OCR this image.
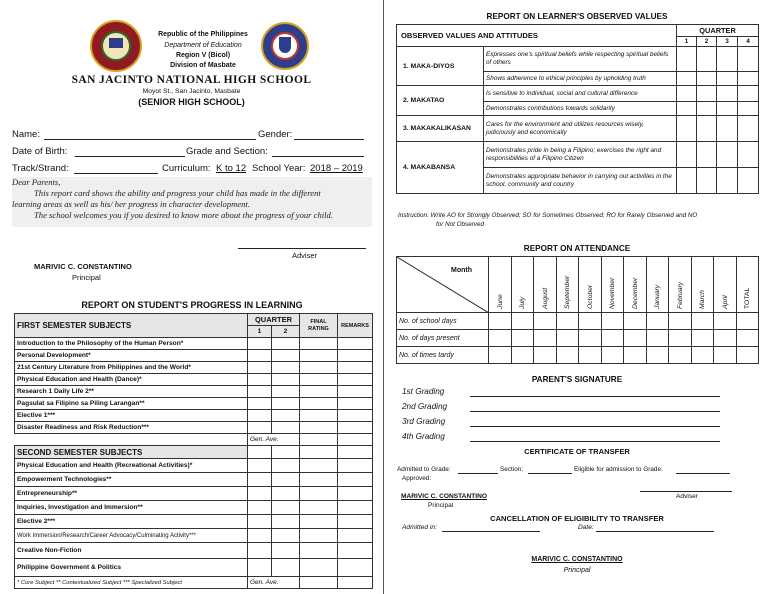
Republic of the Philippines
Department of Education
Region V (Bicol)
Division of Masbate
SAN JACINTO NATIONAL HIGH SCHOOL
Moyot St., San Jacinto, Masbate
(SENIOR HIGH SCHOOL)
Name:	Gender:
Date of Birth:	Grade and Section:
Track/Strand:	Curriculum: K to 12 School Year: 2018 – 2019
Dear Parents,
This report card shows the ability and progress your child has made in the different
learning areas as well as his/ her progress in character development.
The school welcomes you if you desired to know more about the progress of your child.
Adviser
MARIVIC C. CONSTANTINO
Principal
REPORT ON STUDENT'S PROGRESS IN LEARNING
FIRST SEMESTER SUBJECTS	QUARTER		FINAL RATING	REMARKS
	1	2		
Introduction to the Philosophy of the Human Person*				
Personal Development*				
21st Century Literature from Philippines and the World*				
Physical Education and Health (Dance)*				
Research 1 Daily Life 2**				
Pagsulat sa Filipino sa Piling Larangan**				
Elective 1***				
Disaster Readiness and Risk Reduction***				
	Gen. Ave.			
SECOND SEMESTER SUBJECTS				
Physical Education and Health (Recreational Activities)*				
Empowerment Technologies**				
Entrepreneurship**				
Inquiries, Investigation and Immersion**				
Elective 2***				
Work Immersion/Research/Career Advocacy/Culminating Activity***				
Creative Non-Fiction				
Philippine Government & Politics				
* Core Subject ** Contextualized Subject *** Specialized Subject	Gen. Ave.			
REPORT ON LEARNER'S OBSERVED VALUES
OBSERVED VALUES AND ATTITUDES		QUARTER			
		1	2	3	4
1. MAKA-DIYOS	Expresses one's spiritual beliefs while respecting spiritual beliefs of others				
	Shows adherence to ethical principles by upholding truth				
2. MAKATAO	Is sensitive to individual, social and cultural difference				
	Demonstrates contributions towards solidarity				
3. MAKAKALIKASAN	Cares for the environment and utilizes resources wisely, judiciously and economically				
4. MAKABANSA	Demonstrates pride in being a Filipino; exercises the right and responsibilities of a Filipino Citizen				
	Demonstrates appropriate behavior in carrying out activities in the school, community and country				
Instruction: Write AO for Strongly Observed; SO for Sometimes Observed; RO for Rarely Observed and NO
for Not Observed
REPORT ON ATTENDANCE
Month	June	July	August	September	October	November	December	January	February	March	April	TOTAL

No. of school days												
No. of days present												
No. of times tardy												
PARENT'S SIGNATURE
1st Grading
2nd Grading
3rd Grading
4th Grading
CERTIFICATE OF TRANSFER
Admitted to Grade:	Section:	Eligible for admission to Grade:
Approved:
MARIVIC C. CONSTANTINO	Adviser
Principal
CANCELLATION OF ELIGIBILITY TO TRANSFER
Admitted in:	Date:
MARIVIC C. CONSTANTINO
Principal
